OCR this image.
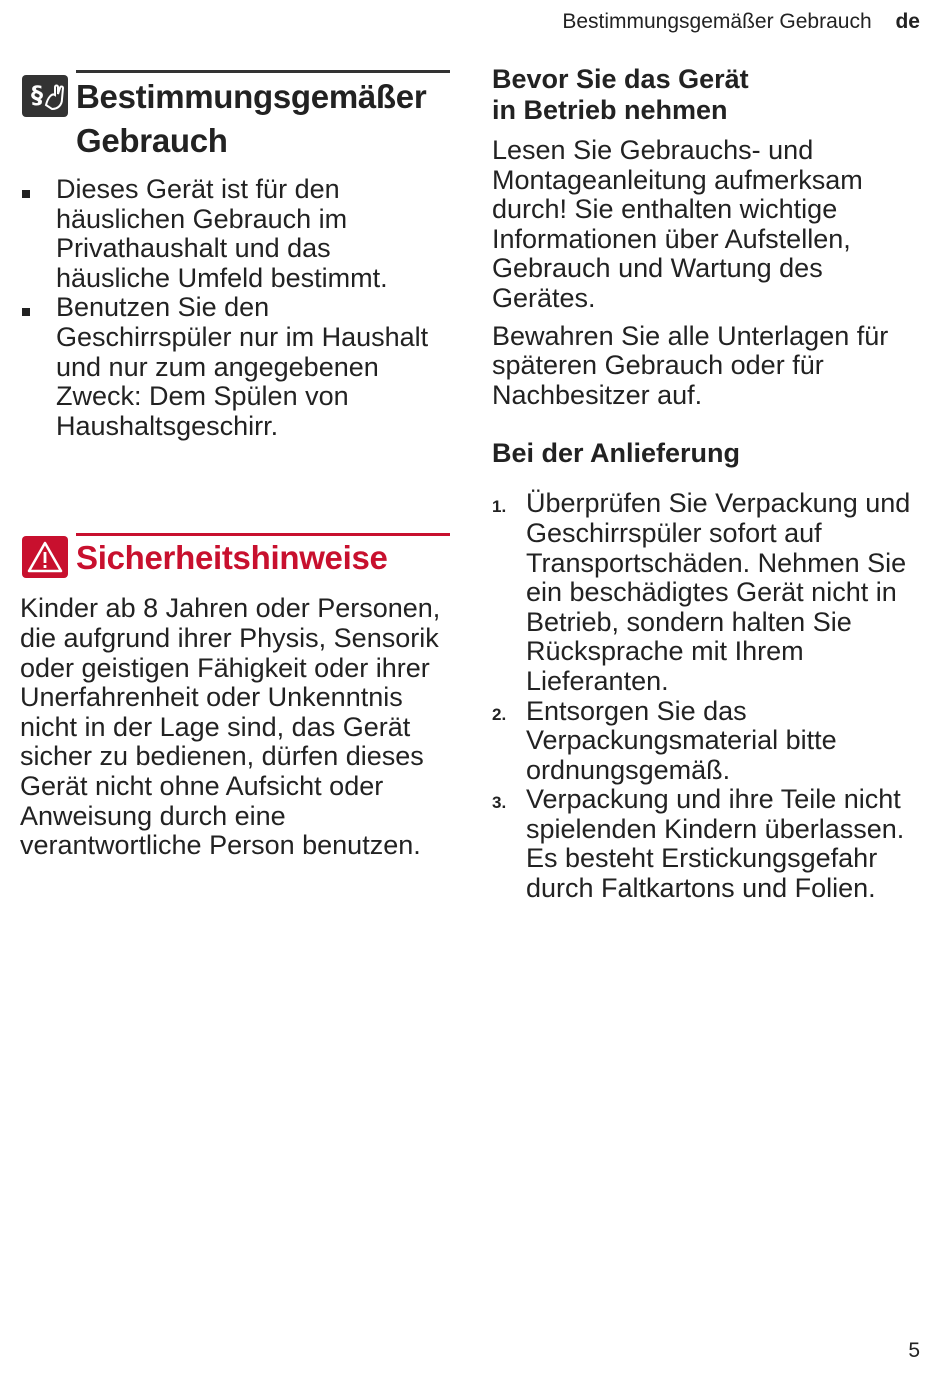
Bestimmungsgemäßer Gebrauch de
§ Bestimmungsgemäßer
Gebrauch
Dieses Gerät ist für den häuslichen Gebrauch im Privathaushalt und das häusliche Umfeld bestimmt.
Benutzen Sie den Geschirrspüler nur im Haushalt und nur zum angegebenen Zweck: Dem Spülen von Haushaltsgeschirr.
Sicherheitshinweise

Kinder ab 8 Jahren oder Personen, die aufgrund ihrer Physis, Sensorik oder geistigen Fähigkeit oder ihrer Unerfahrenheit oder Unkenntnis nicht in der Lage sind, das Gerät sicher zu bedienen, dürfen dieses Gerät nicht ohne Aufsicht oder Anweisung durch eine verantwortliche Person benutzen.

Bevor Sie das Gerät
in Betrieb nehmen

Lesen Sie Gebrauchs- und Montageanleitung aufmerksam durch! Sie enthalten wichtige Informationen über Aufstellen, Gebrauch und Wartung des Gerätes.

Bewahren Sie alle Unterlagen für späteren Gebrauch oder für Nachbesitzer auf.

Bei der Anlieferung
1. Überprüfen Sie Verpackung und Geschirrspüler sofort auf Transportschäden. Nehmen Sie ein beschädigtes Gerät nicht in Betrieb, sondern halten Sie Rücksprache mit Ihrem Lieferanten.
2. Entsorgen Sie das Verpackungsmaterial bitte ordnungsgemäß.
3. Verpackung und ihre Teile nicht spielenden Kindern überlassen. Es besteht Erstickungsgefahr durch Faltkartons und Folien.
5
